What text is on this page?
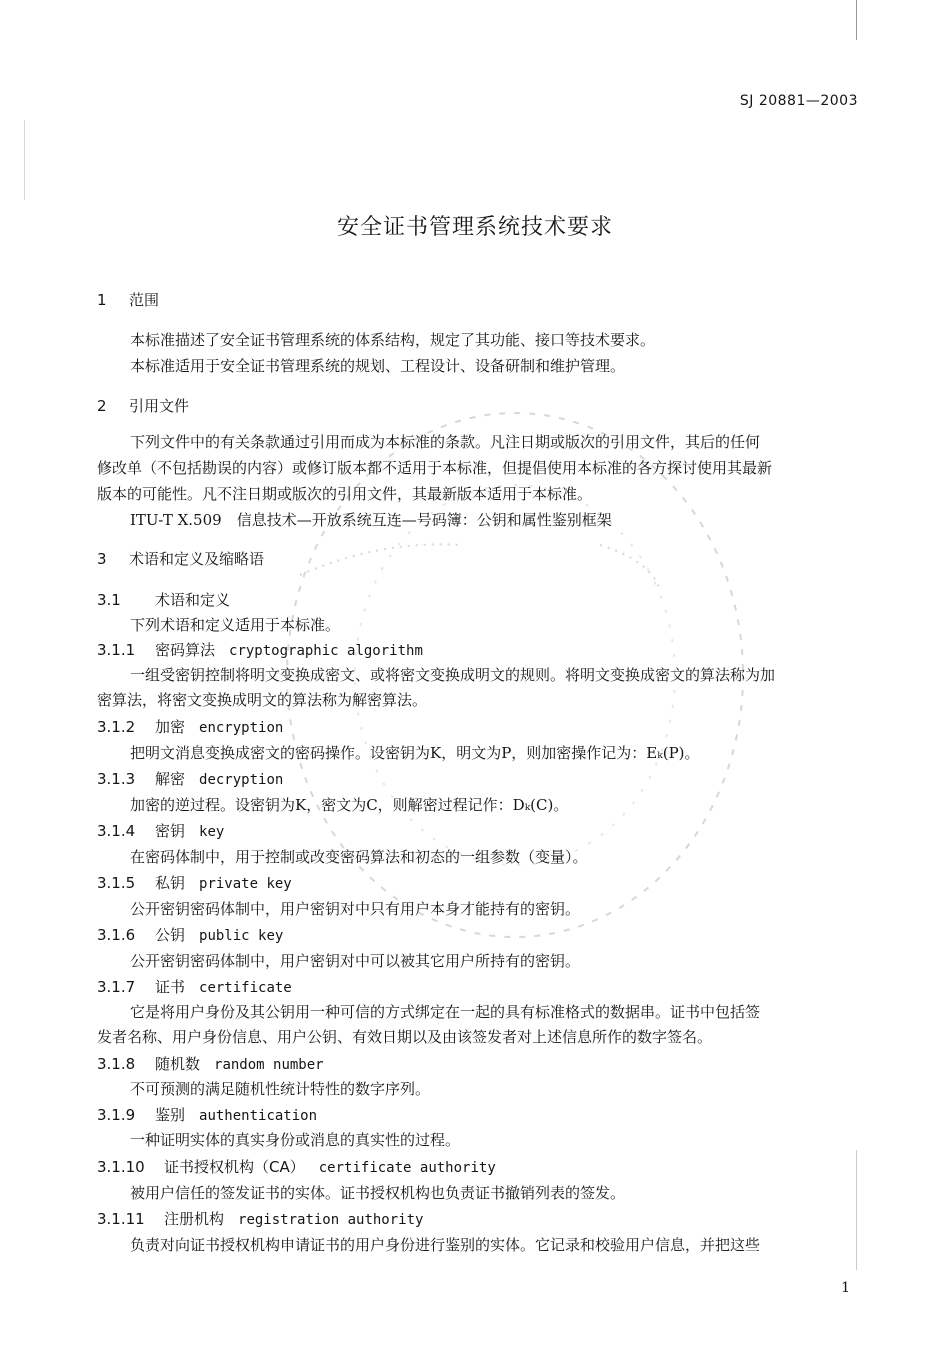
SJ 20881—2003
安全证书管理系统技术要求
1 范围
本标准描述了安全证书管理系统的体系结构，规定了其功能、接口等技术要求。
本标准适用于安全证书管理系统的规划、工程设计、设备研制和维护管理。
2 引用文件
下列文件中的有关条款通过引用而成为本标准的条款。凡注日期或版次的引用文件，其后的任何
修改单（不包括勘误的内容）或修订版本都不适用于本标准，但提倡使用本标准的各方探讨使用其最新
版本的可能性。凡不注日期或版次的引用文件，其最新版本适用于本标准。
ITU-T X.509　信息技术—开放系统互连—号码簿：公钥和属性鉴别框架
3 术语和定义及缩略语
3.1 术语和定义
下列术语和定义适用于本标准。
3.1.1 密码算法 cryptographic algorithm
一组受密钥控制将明文变换成密文、或将密文变换成明文的规则。将明文变换成密文的算法称为加
密算法，将密文变换成明文的算法称为解密算法。
3.1.2 加密 encryption
把明文消息变换成密文的密码操作。设密钥为K，明文为P，则加密操作记为：Eₖ(P)。
3.1.3 解密 decryption
加密的逆过程。设密钥为K，密文为C，则解密过程记作：Dₖ(C)。
3.1.4 密钥 key
在密码体制中，用于控制或改变密码算法和初态的一组参数（变量）。
3.1.5 私钥 private key
公开密钥密码体制中，用户密钥对中只有用户本身才能持有的密钥。
3.1.6 公钥 public key
公开密钥密码体制中，用户密钥对中可以被其它用户所持有的密钥。
3.1.7 证书 certificate
它是将用户身份及其公钥用一种可信的方式绑定在一起的具有标准格式的数据串。证书中包括签
发者名称、用户身份信息、用户公钥、有效日期以及由该签发者对上述信息所作的数字签名。
3.1.8 随机数 random number
不可预测的满足随机性统计特性的数字序列。
3.1.9 鉴别 authentication
一种证明实体的真实身份或消息的真实性的过程。
3.1.10 证书授权机构（CA） certificate authority
被用户信任的签发证书的实体。证书授权机构也负责证书撤销列表的签发。
3.1.11 注册机构 registration authority
负责对向证书授权机构申请证书的用户身份进行鉴别的实体。它记录和校验用户信息，并把这些
1
